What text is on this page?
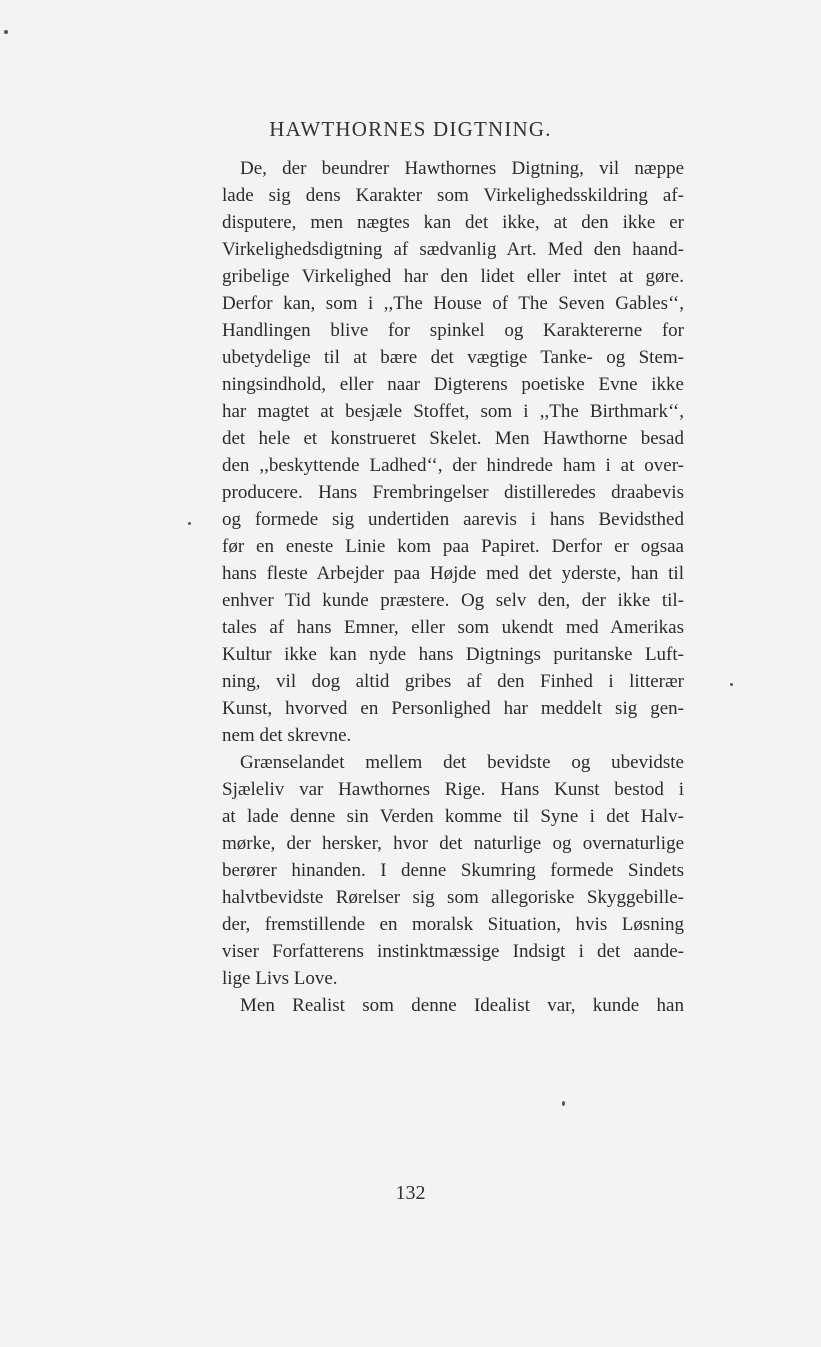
HAWTHORNES DIGTNING.
De, der beundrer Hawthornes Digtning, vil næppe
lade sig dens Karakter som Virkelighedsskildring af-
disputere, men nægtes kan det ikke, at den ikke er
Virkelighedsdigtning af sædvanlig Art. Med den haand-
gribelige Virkelighed har den lidet eller intet at gøre.
Derfor kan, som i ,,The House of The Seven Gables‘‘,
Handlingen blive for spinkel og Karaktererne for
ubetydelige til at bære det vægtige Tanke- og Stem-
ningsindhold, eller naar Digterens poetiske Evne ikke
har magtet at besjæle Stoffet, som i ,,The Birthmark‘‘,
det hele et konstrueret Skelet. Men Hawthorne besad
den ,,beskyttende Ladhed‘‘, der hindrede ham i at over-
producere. Hans Frembringelser distilleredes draabevis
og formede sig undertiden aarevis i hans Bevidsthed
før en eneste Linie kom paa Papiret. Derfor er ogsaa
hans fleste Arbejder paa Højde med det yderste, han til
enhver Tid kunde præstere. Og selv den, der ikke til-
tales af hans Emner, eller som ukendt med Amerikas
Kultur ikke kan nyde hans Digtnings puritanske Luft-
ning, vil dog altid gribes af den Finhed i litterær
Kunst, hvorved en Personlighed har meddelt sig gen-
nem det skrevne.
Grænselandet mellem det bevidste og ubevidste
Sjæleliv var Hawthornes Rige. Hans Kunst bestod i
at lade denne sin Verden komme til Syne i det Halv-
mørke, der hersker, hvor det naturlige og overnaturlige
berører hinanden. I denne Skumring formede Sindets
halvtbevidste Rørelser sig som allegoriske Skyggebille-
der, fremstillende en moralsk Situation, hvis Løsning
viser Forfatterens instinktmæssige Indsigt i det aande-
lige Livs Love.
Men Realist som denne Idealist var, kunde han
132
